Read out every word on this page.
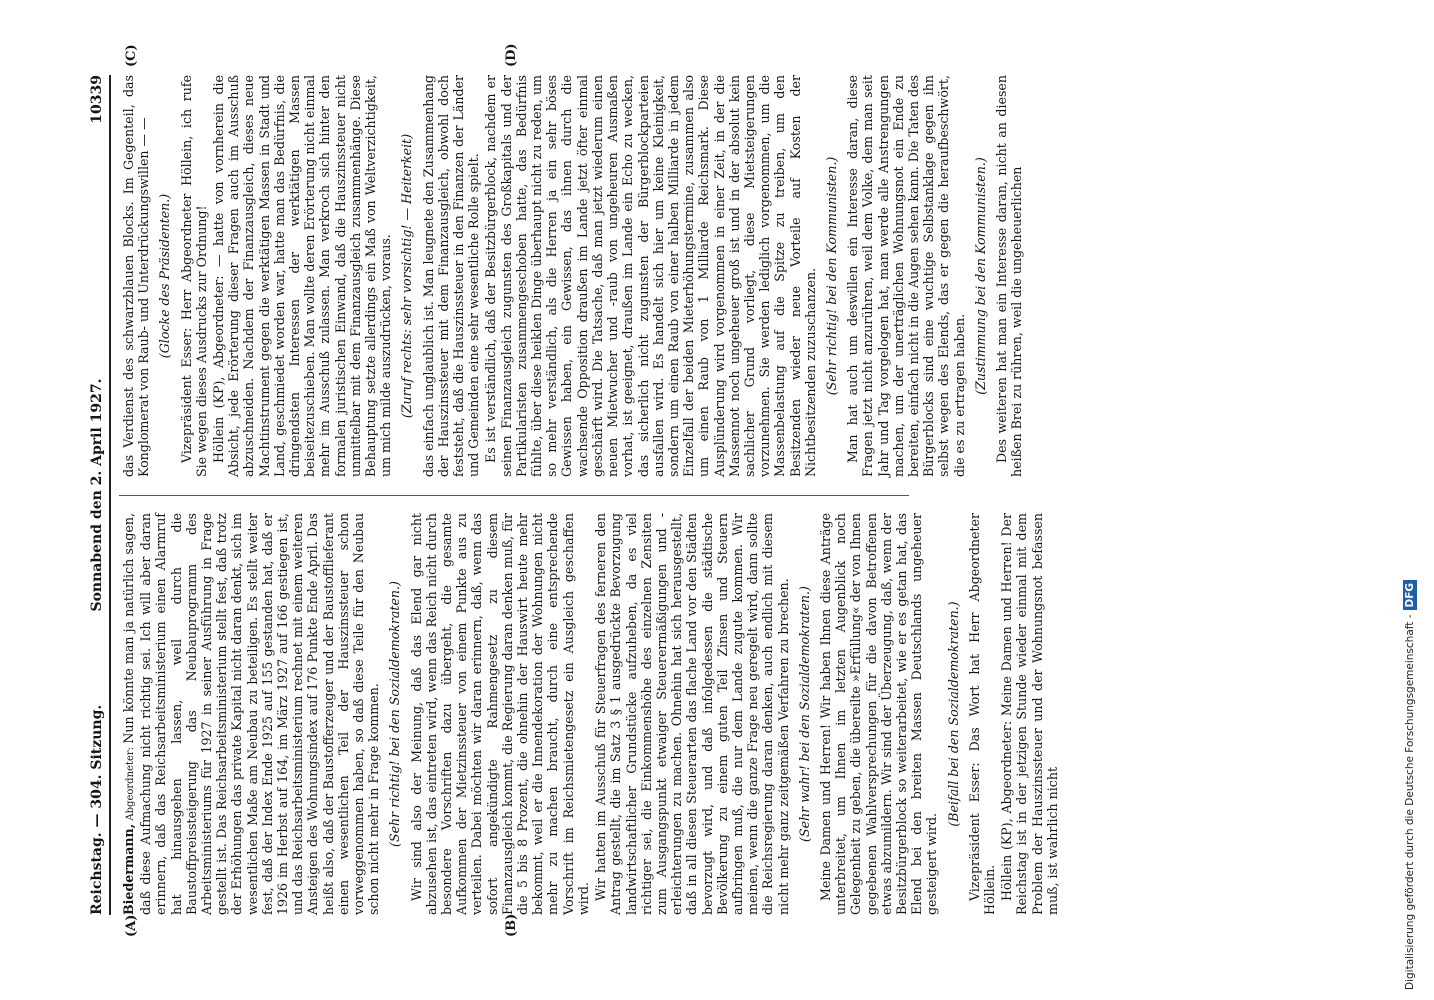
Reichstag. — 304. Sitzung.
Sonnabend den 2. April 1927.
10339
(A)	(B)
(C)	(D)

Biedermann, Abgeordneter: Nun könnte man ja natürlich sagen, daß diese Aufmachung nicht richtig sei. Ich will aber daran erinnern, daß das Reichsarbeitsministerium einen Alarmruf hat hinausgehen lassen, weil durch die Baustoffpreissteigerung das Neubauprogramm des Arbeitsministeriums für 1927 in seiner Ausführung in Frage gestellt ist. Das Reichsarbeitsministerium stellt fest, daß trotz der Erhöhungen das private Kapital nicht daran denkt, sich im wesentlichen Maße am Neubau zu beteiligen. Es stellt weiter fest, daß der Index Ende 1925 auf 155 gestanden hat, daß er 1926 im Herbst auf 164, im März 1927 auf 166 gestiegen ist, und das Reichsarbeitsministerium rechnet mit einem weiteren Ansteigen des Wohnungsindex auf 176 Punkte Ende April. Das heißt also, daß der Baustofferzeuger und der Baustofflieferant einen wesentlichen Teil der Hauszinssteuer schon vorweggenommen haben, so daß diese Teile für den Neubau schon nicht mehr in Frage kommen. (Sehr richtig! bei den Sozialdemokraten.) Wir sind also der Meinung, daß das Elend gar nicht abzusehen ist, das eintreten wird, wenn das Reich nicht durch besondere Vorschriften dazu übergeht, die gesamte Aufkommen der Mietzinssteuer von einem Punkte aus zu verteilen. Dabei möchten wir daran erinnern, daß, wenn das sofort angekündigte Rahmengesetz zu diesem Finanzausgleich kommt, die Regierung daran denken muß, für die 5 bis 8 Prozent, die ohnehin der Hauswirt heute mehr bekommt, weil er die Innendekoration der Wohnungen nicht mehr zu machen braucht, durch eine entsprechende Vorschrift im Reichsmietengesetz ein Ausgleich geschaffen wird. Wir hatten im Ausschuß für Steuerfragen des ferneren den Antrag gestellt, die im Satz 3 § 1 ausgedrückte Bevorzugung landwirtschaftlicher Grundstücke aufzuheben, da es viel richtiger sei, die Einkommenshöhe des einzelnen Zensiten zum Ausgangspunkt etwaiger Steuerermäßigungen und -erleichterungen zu machen. Ohnehin hat sich herausgestellt, daß in all diesen Steuerarten das flache Land vor den Städten bevorzugt wird, und daß infolgedessen die städtische Bevölkerung zu einem guten Teil Zinsen und Steuern aufbringen muß, die nur dem Lande zugute kommen. Wir meinen, wenn die ganze Frage neu geregelt wird, dann sollte die Reichsregierung daran denken, auch endlich mit diesem nicht mehr ganz zeitgemäßen Verfahren zu brechen. (Sehr wahr! bei den Sozialdemokraten.) Meine Damen und Herren! Wir haben Ihnen diese Anträge unterbreitet, um Ihnen im letzten Augenblick noch Gelegenheit zu geben, die übereilte »Erfüllung« der von Ihnen gegebenen Wahlversprechungen für die davon Betroffenen etwas abzumildern. Wir sind der Überzeugung, daß, wenn der Besitzbürgerblock so weiterarbeitet, wie er es getan hat, das Elend bei den breiten Massen Deutschlands ungeheuer gesteigert wird.

(Beifall bei den Sozialdemokraten.) Vizepräsident Esser: Das Wort hat Herr Abgeordneter Höllein. Höllein (KP), Abgeordneter: Meine Damen und Herren! Der Reichstag ist in der jetzigen Stunde wieder einmal mit dem Problem der Hauszinssteuer und der Wohnungsnot befassen muß, ist wahrlich nicht

das Verdienst des schwarzblauen Blocks. Im Gegenteil, das Konglomerat von Raub- und Unterdrückungswillen — — (Glocke des Präsidenten.) Vizepräsident Esser: Herr Abgeordneter Höllein, ich rufe Sie wegen dieses Ausdrucks zur Ordnung! Höllein (KP), Abgeordneter: — hatte von vornherein die Absicht, jede Erörterung dieser Fragen auch im Ausschuß abzuschneiden. Nachdem der Finanzausgleich, dieses neue Machtinstrument gegen die werktätigen Massen in Stadt und Land, geschmiedet worden war, hatte man das Bedürfnis, die dringendsten Interessen der werktätigen Massen beiseitezuschieben. Man wollte deren Erörterung nicht einmal mehr im Ausschuß zulassen. Man verkroch sich hinter den formalen juristischen Einwand, daß die Hauszinssteuer nicht unmittelbar mit dem Finanzausgleich zusammenhänge. Diese Behauptung setzte allerdings ein Maß von Weltverzichtigkeit, um mich milde auszudrücken, voraus. (Zuruf rechts: sehr vorsichtig! — Heiterkeit) das einfach unglaublich ist. Man leugnete den Zusammenhang der Hauszinssteuer mit dem Finanzausgleich, obwohl doch feststeht, daß die Hauszinssteuer in den Finanzen der Länder und Gemeinden eine sehr wesentliche Rolle spielt. Es ist verständlich, daß der Besitzbürgerblock, nachdem er seinen Finanzausgleich zugunsten des Großkapitals und der Partikularisten zusammengeschoben hatte, das Bedürfnis fühlte, über diese heiklen Dinge überhaupt nicht zu reden, um so mehr verständlich, als die Herren ja ein sehr böses Gewissen haben, ein Gewissen, das ihnen durch die wachsende Opposition draußen im Lande jetzt öfter einmal geschärft wird. Die Tatsache, daß man jetzt wiederum einen neuen Mietwucher und -raub von ungeheuren Ausmaßen vorhat, ist geeignet, draußen im Lande ein Echo zu wecken, das sicherlich nicht zugunsten der Bürgerblockparteien ausfallen wird. Es handelt sich hier um keine Kleinigkeit, sondern um einen Raub von einer halben Milliarde in jedem Einzelfall der beiden Mieterhöhungstermine, zusammen also um einen Raub von 1 Milliarde Reichsmark. Diese Ausplünderung wird vorgenommen in einer Zeit, in der die Massennot noch ungeheuer groß ist und in der absolut kein sachlicher Grund vorliegt, diese Mietsteigerungen vorzunehmen. Sie werden lediglich vorgenommen, um die Massenbelastung auf die Spitze zu treiben, um den Besitzenden wieder neue Vorteile auf Kosten der Nichtbesitzenden zuzuschanzen. (Sehr richtig! bei den Kommunisten.) Man hat auch um deswillen ein Interesse daran, diese Fragen jetzt nicht anzurühren, weil dem Volke, dem man seit Jahr und Tag vorgelogen hat, man werde alle Anstrengungen machen, um der unerträglichen Wohnungsnot ein Ende zu bereiten, einfach nicht in die Augen sehen kann. Die Taten des Bürgerblocks sind eine wuchtige Selbstanklage gegen ihn selbst wegen des Elends, das er gegen die heraufbeschwört, die es zu ertragen haben.

(Zustimmung bei den Kommunisten.) Des weiteren hat man ein Interesse daran, nicht an diesen heißen Brei zu rühren, weil die ungeheuerlichen

Digitalisierung gefördert durch die Deutsche Forschungsgemeinschaft -DFG
